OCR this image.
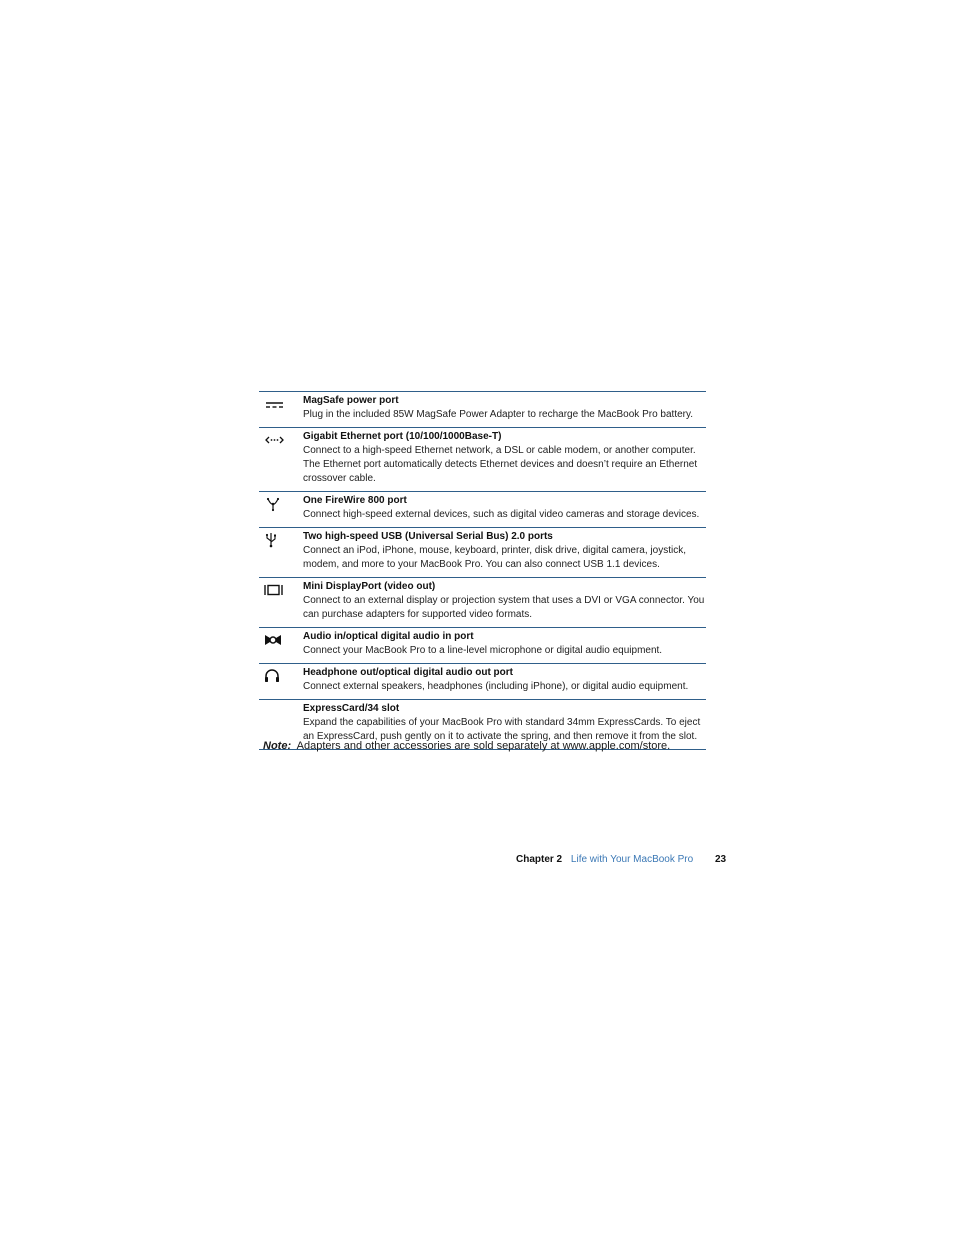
MagSafe power port
Plug in the included 85W MagSafe Power Adapter to recharge the MacBook Pro battery.
Gigabit Ethernet port (10/100/1000Base-T)
Connect to a high-speed Ethernet network, a DSL or cable modem, or another computer. The Ethernet port automatically detects Ethernet devices and doesn’t require an Ethernet crossover cable.
One FireWire 800 port
Connect high-speed external devices, such as digital video cameras and storage devices.
Two high-speed USB (Universal Serial Bus) 2.0 ports
Connect an iPod, iPhone, mouse, keyboard, printer, disk drive, digital camera, joystick, modem, and more to your MacBook Pro. You can also connect USB 1.1 devices.
Mini DisplayPort (video out)
Connect to an external display or projection system that uses a DVI or VGA connector. You can purchase adapters for supported video formats.
Audio in/optical digital audio in port
Connect your MacBook Pro to a line-level microphone or digital audio equipment.
Headphone out/optical digital audio out port
Connect external speakers, headphones (including iPhone), or digital audio equipment.
ExpressCard/34 slot
Expand the capabilities of your MacBook Pro with standard 34mm ExpressCards. To eject an ExpressCard, push gently on it to activate the spring, and then remove it from the slot.
Note: Adapters and other accessories are sold separately at www.apple.com/store.
Chapter 2 Life with Your MacBook Pro 23
